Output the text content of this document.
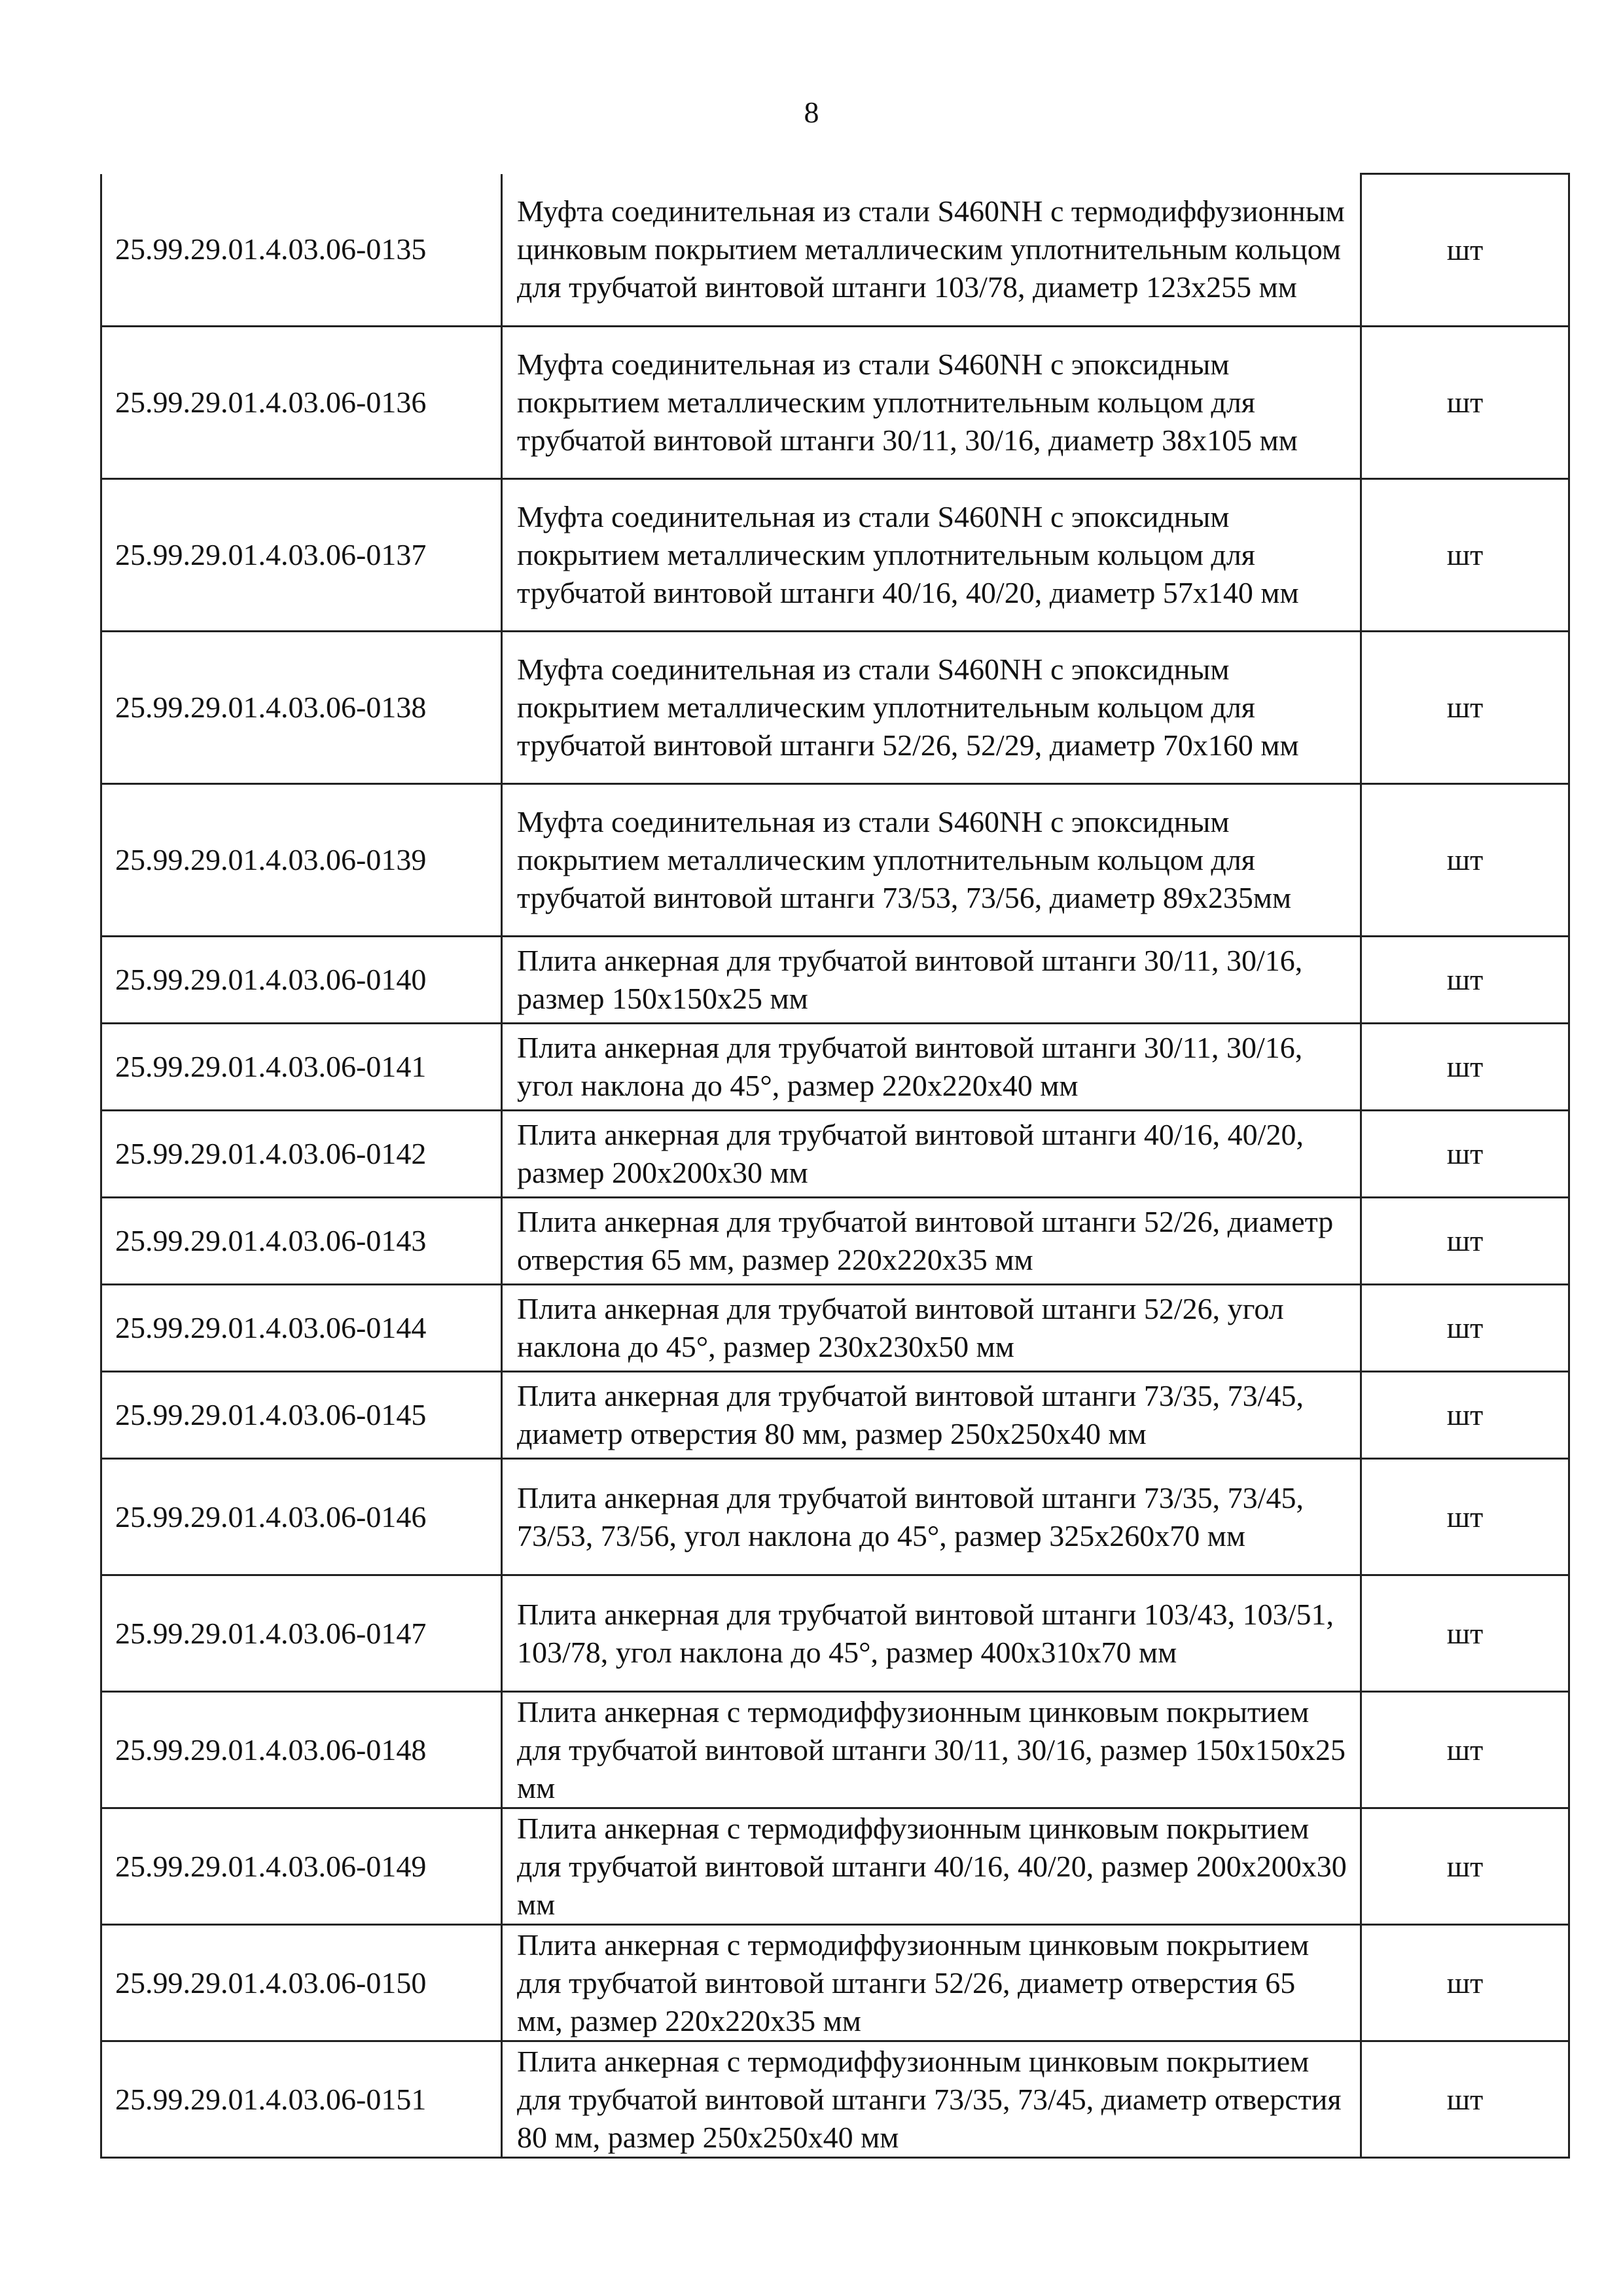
8
25.99.29.01.4.03.06-0135	Муфта соединительная из стали S460NH с термодиффузионным цинковым покрытием металлическим уплотнительным кольцом для трубчатой винтовой штанги 103/78, диаметр 123х255 мм	шт
25.99.29.01.4.03.06-0136	Муфта соединительная из стали S460NH с эпоксидным покрытием металлическим уплотнительным кольцом для трубчатой винтовой штанги 30/11, 30/16, диаметр 38х105 мм	шт
25.99.29.01.4.03.06-0137	Муфта соединительная из стали S460NH с эпоксидным покрытием металлическим уплотнительным кольцом для трубчатой винтовой штанги 40/16, 40/20, диаметр 57х140 мм	шт
25.99.29.01.4.03.06-0138	Муфта соединительная из стали S460NH с эпоксидным покрытием металлическим уплотнительным кольцом для трубчатой винтовой штанги 52/26, 52/29, диаметр 70х160 мм	шт
25.99.29.01.4.03.06-0139	Муфта соединительная из стали S460NH с эпоксидным покрытием металлическим уплотнительным кольцом для трубчатой винтовой штанги 73/53, 73/56, диаметр 89х235мм	шт
25.99.29.01.4.03.06-0140	Плита анкерная для трубчатой винтовой штанги 30/11, 30/16, размер 150х150х25 мм	шт
25.99.29.01.4.03.06-0141	Плита анкерная для трубчатой винтовой штанги 30/11, 30/16, угол наклона до 45°, размер 220х220х40 мм	шт
25.99.29.01.4.03.06-0142	Плита анкерная для трубчатой винтовой штанги 40/16, 40/20, размер 200х200х30 мм	шт
25.99.29.01.4.03.06-0143	Плита анкерная для трубчатой винтовой штанги 52/26, диаметр отверстия 65 мм, размер 220х220х35 мм	шт
25.99.29.01.4.03.06-0144	Плита анкерная для трубчатой винтовой штанги 52/26, угол наклона до 45°, размер 230х230х50 мм	шт
25.99.29.01.4.03.06-0145	Плита анкерная для трубчатой винтовой штанги 73/35, 73/45, диаметр отверстия 80 мм, размер 250х250х40 мм	шт
25.99.29.01.4.03.06-0146	Плита анкерная для трубчатой винтовой штанги 73/35, 73/45, 73/53, 73/56, угол наклона до 45°, размер 325х260х70 мм	шт
25.99.29.01.4.03.06-0147	Плита анкерная для трубчатой винтовой штанги 103/43, 103/51, 103/78, угол наклона до 45°, размер 400х310х70 мм	шт
25.99.29.01.4.03.06-0148	Плита анкерная с термодиффузионным цинковым покрытием для трубчатой винтовой штанги 30/11, 30/16, размер 150х150х25 мм	шт
25.99.29.01.4.03.06-0149	Плита анкерная с термодиффузионным цинковым покрытием для трубчатой винтовой штанги 40/16, 40/20, размер 200х200х30 мм	шт
25.99.29.01.4.03.06-0150	Плита анкерная с термодиффузионным цинковым покрытием для трубчатой винтовой штанги 52/26, диаметр отверстия 65 мм, размер 220х220х35 мм	шт
25.99.29.01.4.03.06-0151	Плита анкерная с термодиффузионным цинковым покрытием для трубчатой винтовой штанги 73/35, 73/45, диаметр отверстия 80 мм, размер 250х250х40 мм	шт
